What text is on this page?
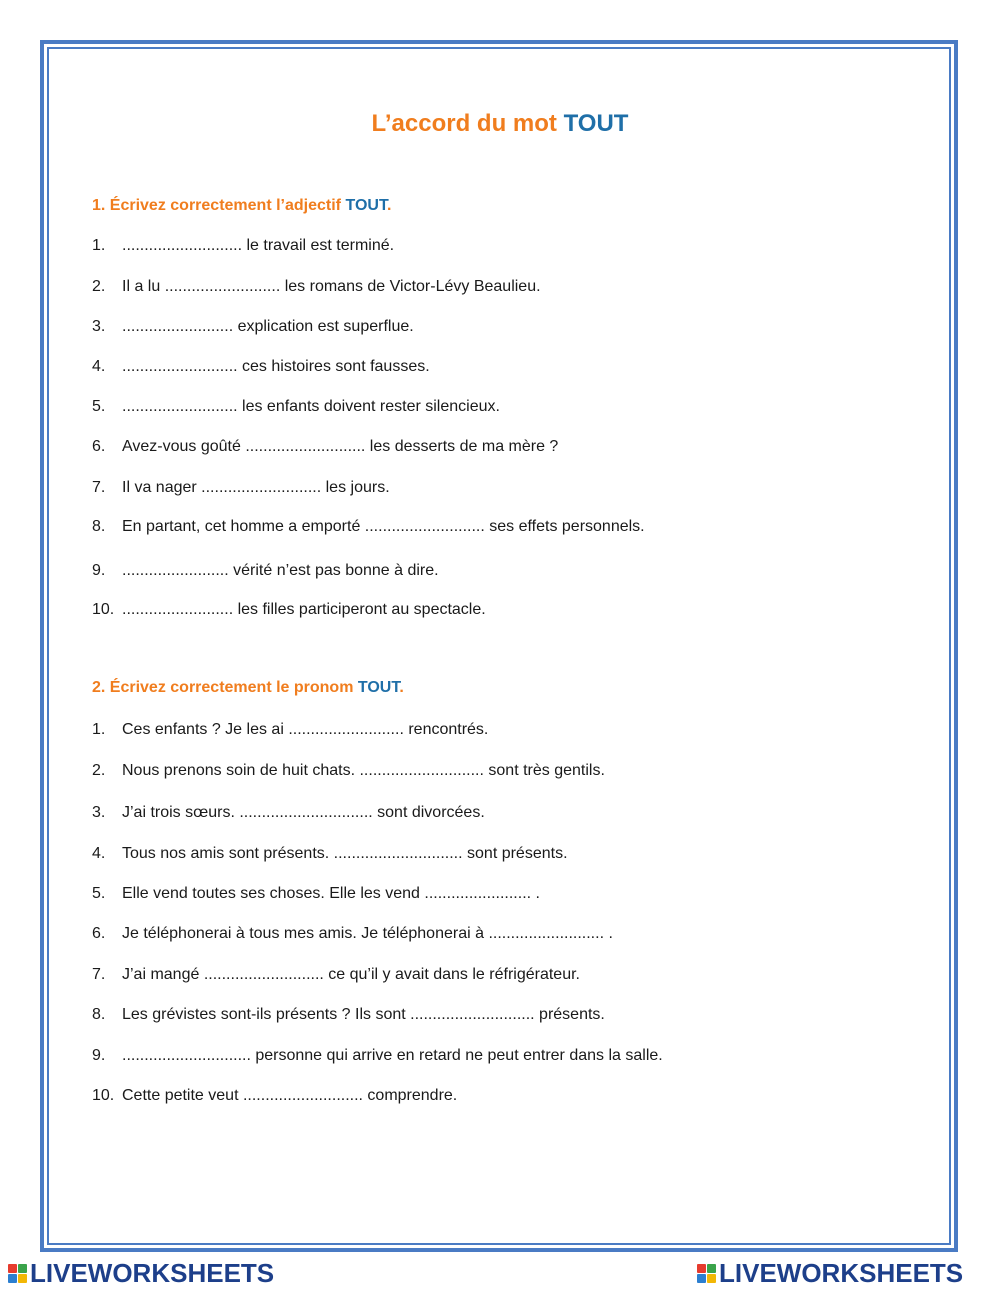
L’accord du mot TOUT
1. Écrivez correctement l’adjectif TOUT.
1. ........................... le travail est terminé.
2. Il a lu .......................... les romans de Victor-Lévy Beaulieu.
3. ......................... explication est superflue.
4. .......................... ces histoires sont fausses.
5. .......................... les enfants doivent rester silencieux.
6. Avez-vous goûté ........................... les desserts de ma mère ?
7. Il va nager ........................... les jours.
8. En partant, cet homme a emporté ........................... ses effets personnels.
9. ........................ vérité n’est pas bonne à dire.
10. ......................... les filles participeront au spectacle.
2. Écrivez correctement le pronom TOUT.
1. Ces enfants ? Je les ai .......................... rencontrés.
2. Nous prenons soin de huit chats. ............................ sont très gentils.
3. J’ai trois sœurs. .............................. sont divorcées.
4. Tous nos amis sont présents. ............................. sont présents.
5. Elle vend toutes ses choses. Elle les vend ........................ .
6. Je téléphonerai à tous mes amis. Je téléphonerai à .......................... .
7. J’ai mangé ........................... ce qu’il y avait dans le réfrigérateur.
8. Les grévistes sont-ils présents ? Ils sont ............................ présents.
9. ............................. personne qui arrive en retard ne peut entrer dans la salle.
10. Cette petite veut ........................... comprendre.
LIVEWORKSHEETS	LIVEWORKSHEETS
